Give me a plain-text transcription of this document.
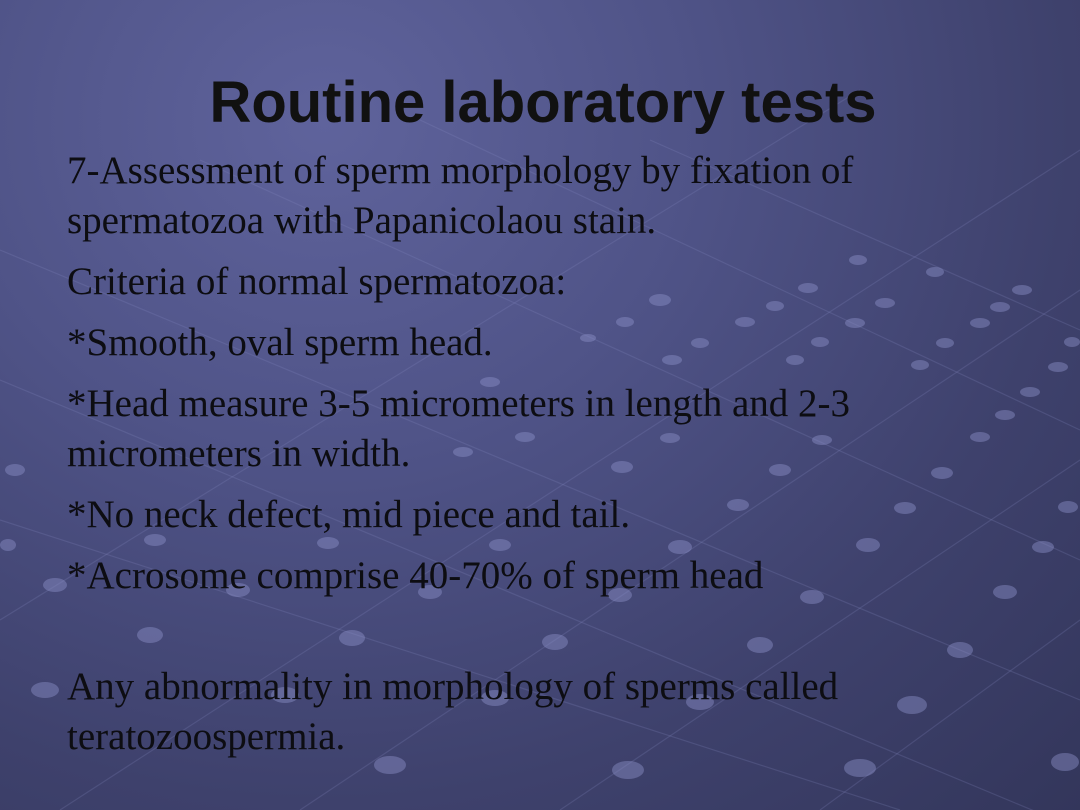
Routine laboratory tests

7-Assessment of sperm morphology by fixation of spermatozoa with Papanicolaou stain.

Criteria of normal spermatozoa:

*Smooth, oval sperm head.

*Head measure 3-5 micrometers in length and 2-3 micrometers in width.

*No neck defect, mid piece and tail.

*Acrosome comprise 40-70% of sperm head

Any abnormality in morphology of sperms called teratozoospermia.
